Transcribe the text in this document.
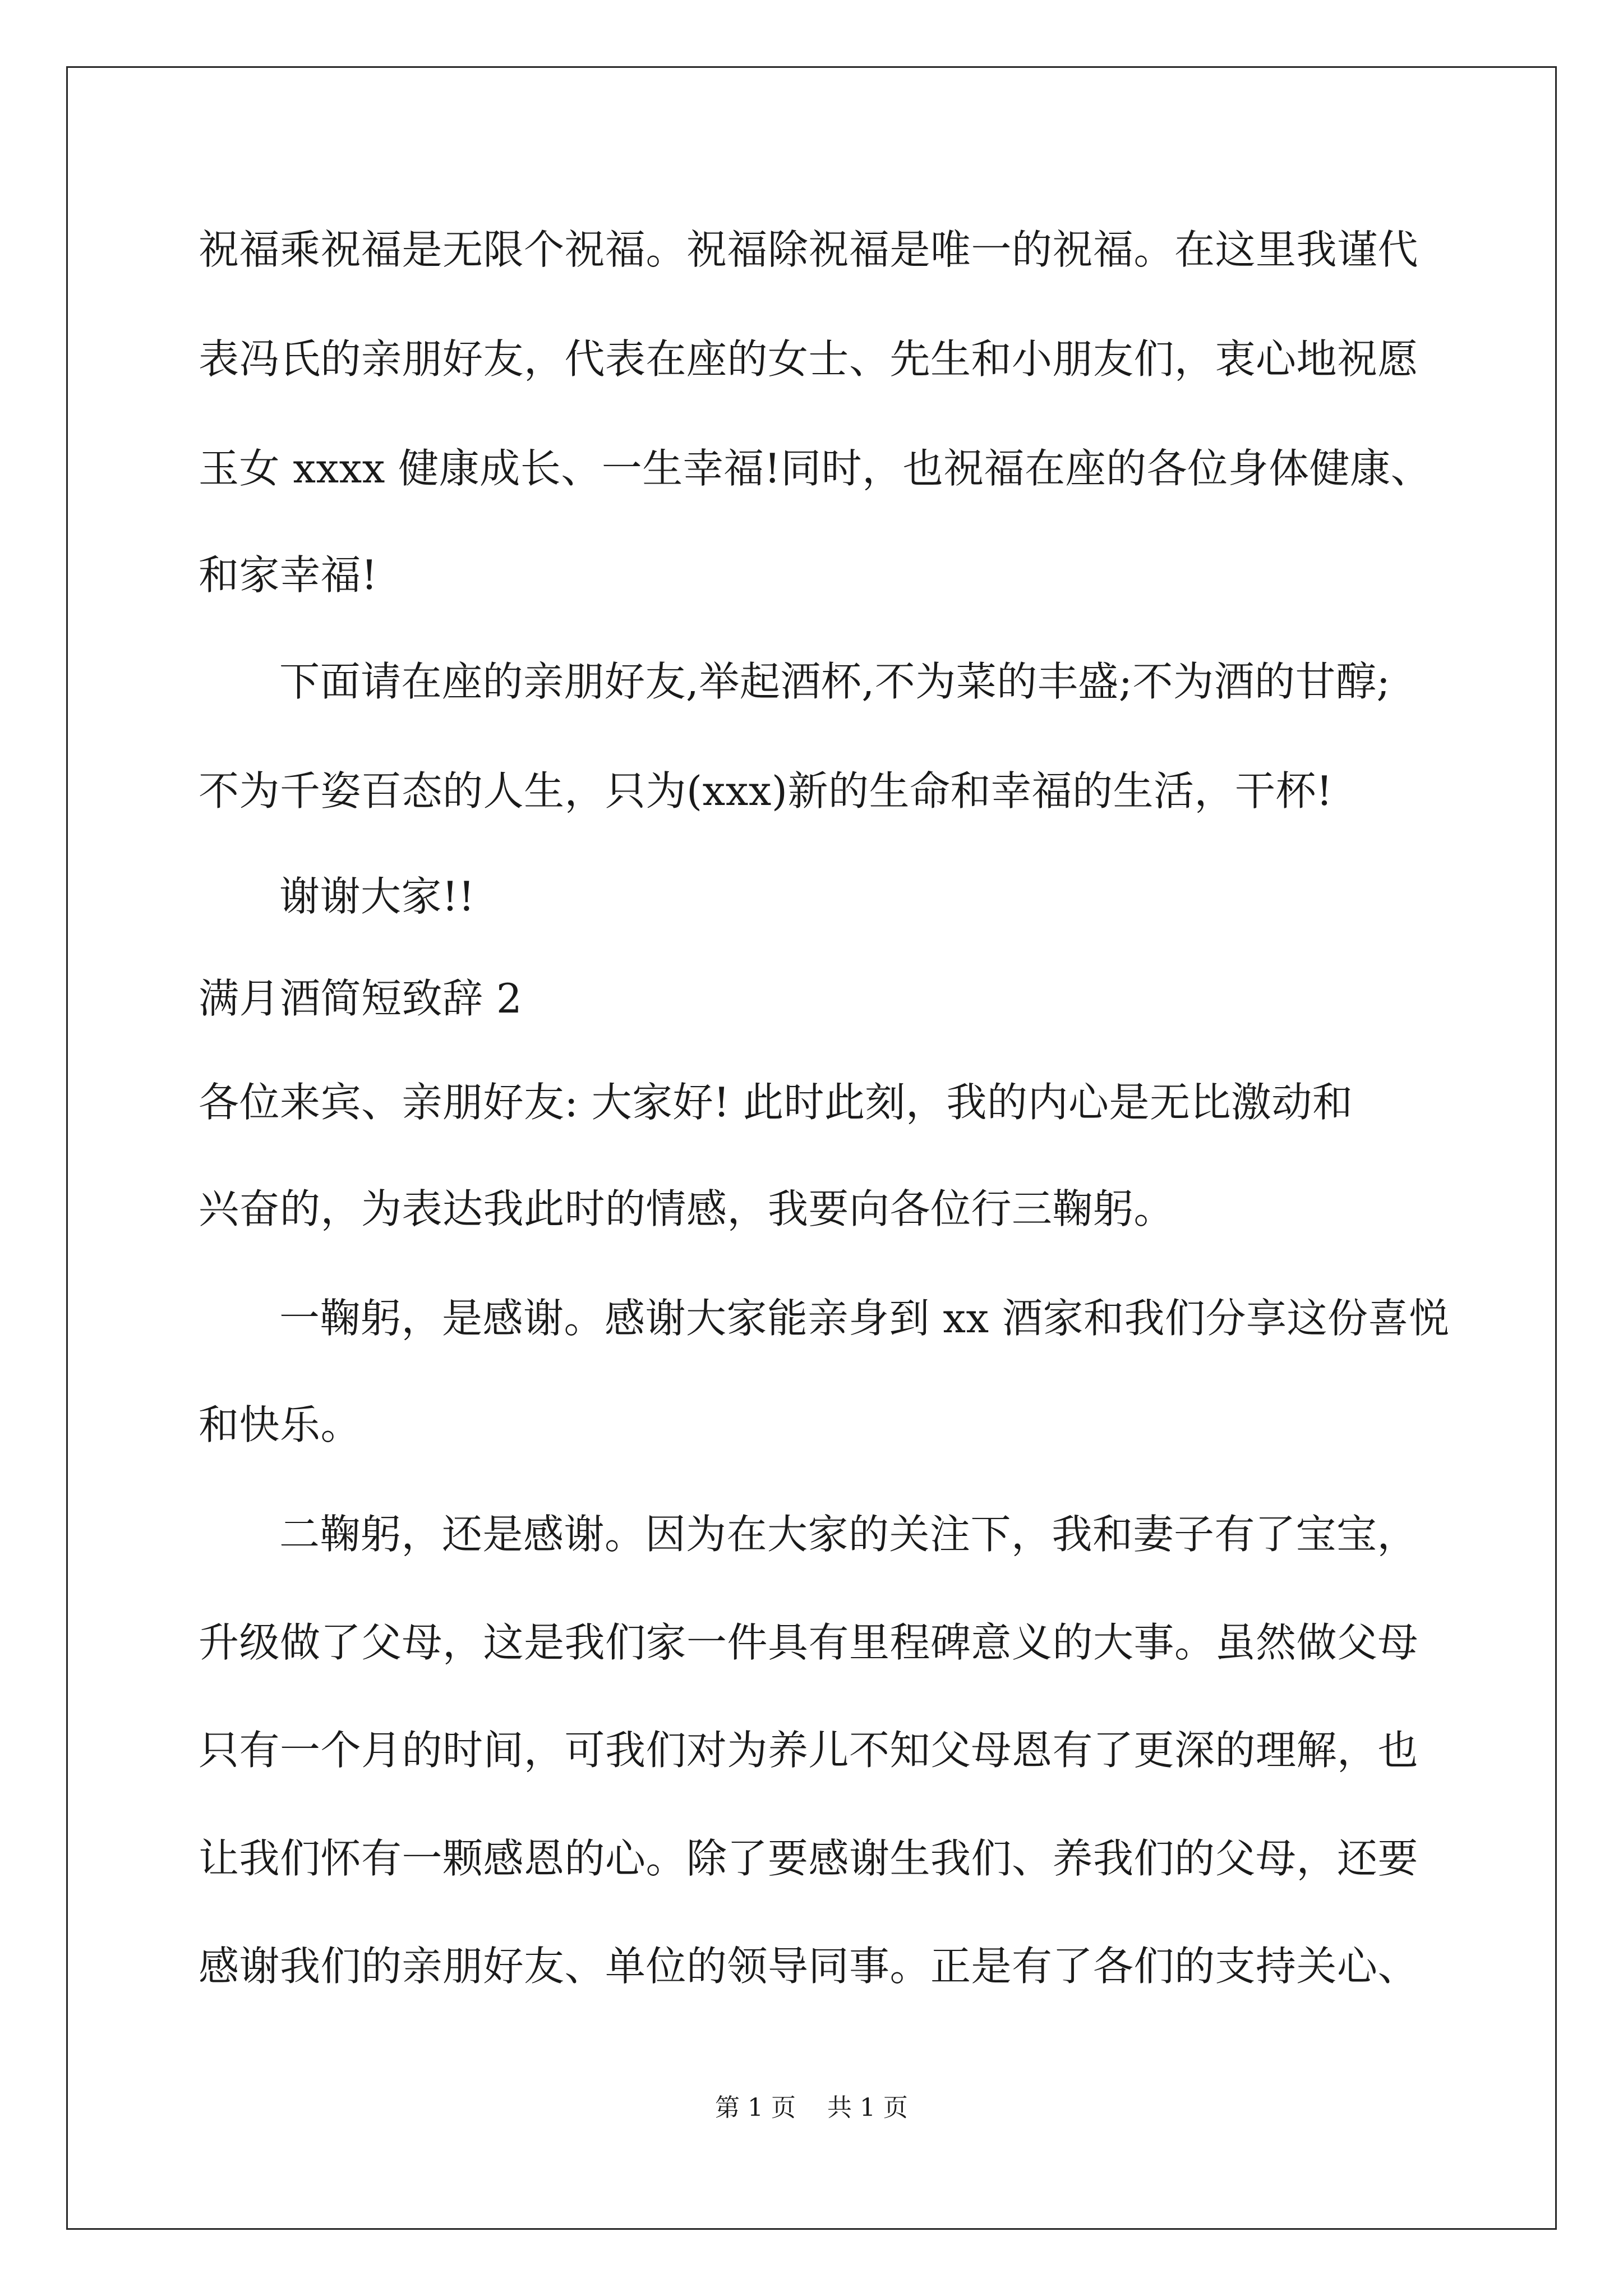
祝福乘祝福是无限个祝福。祝福除祝福是唯一的祝福。在这里我谨代
表冯氏的亲朋好友，代表在座的女士、先生和小朋友们，衷心地祝愿
玉女 xxxx 健康成长、一生幸福!同时，也祝福在座的各位身体健康、
和家幸福!
下面请在座的亲朋好友,举起酒杯,不为菜的丰盛;不为酒的甘醇;
不为千姿百态的人生，只为(xxx)新的生命和幸福的生活，干杯!
谢谢大家!!
满月酒简短致辞 2
各位来宾、亲朋好友: 大家好! 此时此刻，我的内心是无比激动和
兴奋的，为表达我此时的情感，我要向各位行三鞠躬。
一鞠躬，是感谢。感谢大家能亲身到 xx 酒家和我们分享这份喜悦
和快乐。
二鞠躬，还是感谢。因为在大家的关注下，我和妻子有了宝宝，
升级做了父母，这是我们家一件具有里程碑意义的大事。虽然做父母
只有一个月的时间，可我们对为养儿不知父母恩有了更深的理解，也
让我们怀有一颗感恩的心。除了要感谢生我们、养我们的父母，还要
感谢我们的亲朋好友、单位的领导同事。正是有了各们的支持关心、
第 1 页    共 1 页
